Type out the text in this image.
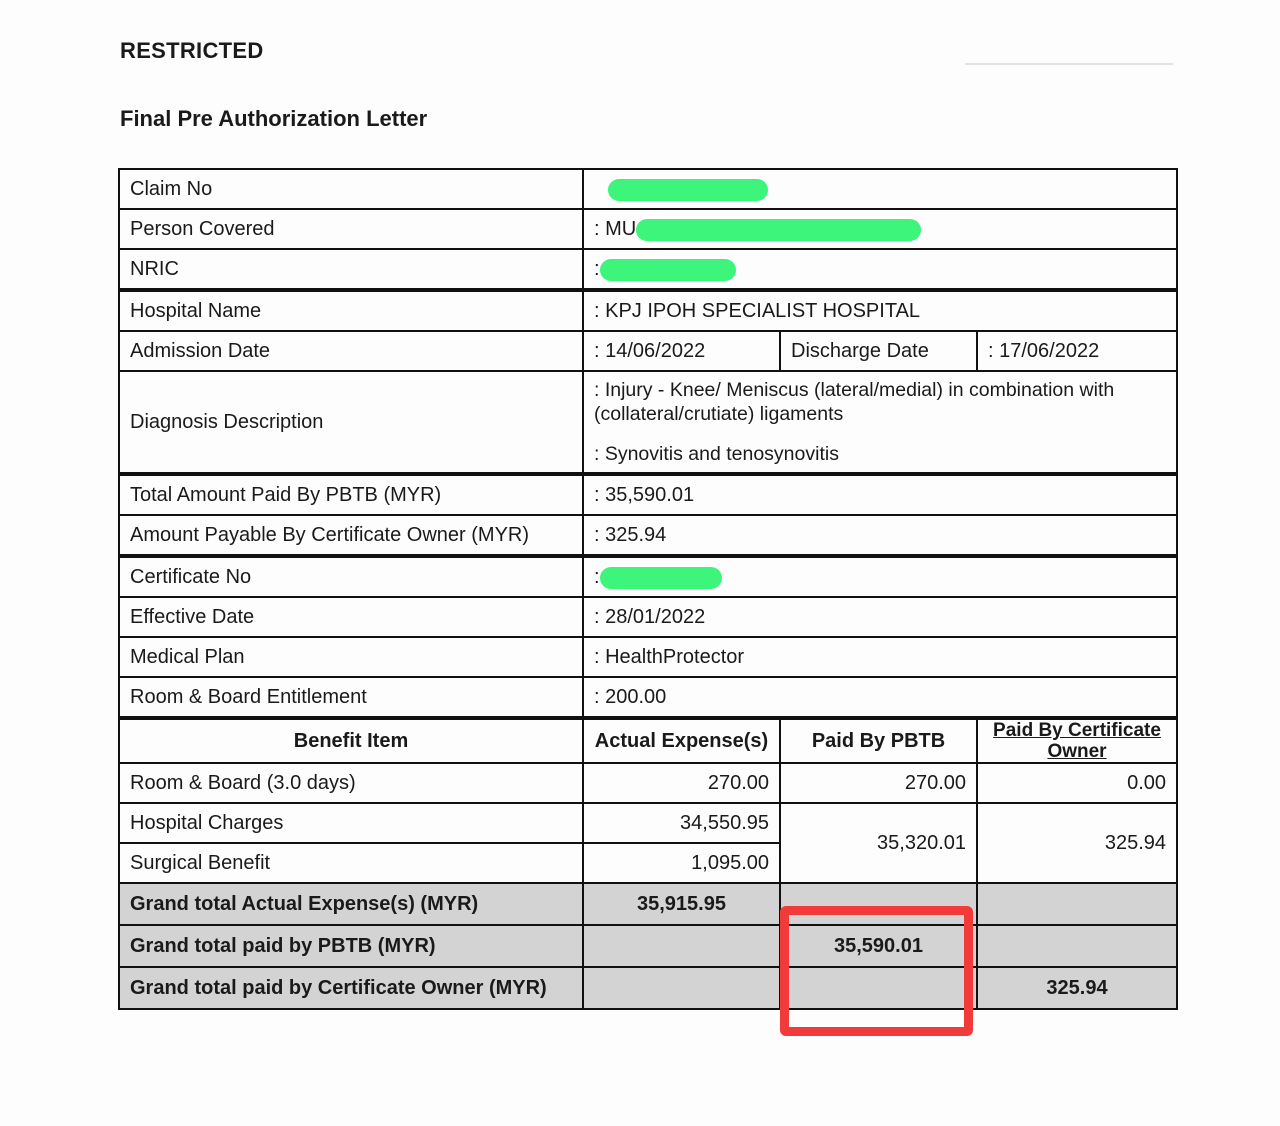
RESTRICTED
Final Pre Authorization Letter
Claim No			
Person Covered	: MU		
NRIC	:		
Hospital Name	: KPJ IPOH SPECIALIST HOSPITAL		
Admission Date	: 14/06/2022	Discharge Date	: 17/06/2022
Diagnosis Description	: Injury - Knee/ Meniscus (lateral/medial) in combination with (collateral/crutiate) ligaments
: Synovitis and tenosynovitis		

Total Amount Paid By PBTB (MYR)	: 35,590.01		
Amount Payable By Certificate Owner (MYR)	: 325.94		
Certificate No	:		
Effective Date	: 28/01/2022		
Medical Plan	: HealthProtector		
Room & Board Entitlement	: 200.00		
Benefit Item	Actual Expense(s)	Paid By PBTB	Paid By Certificate Owner
Room & Board (3.0 days)	270.00	270.00	0.00
Hospital Charges	34,550.95	35,320.01	325.94
Surgical Benefit	1,095.00		
Grand total Actual Expense(s) (MYR)	35,915.95		
Grand total paid by PBTB (MYR)		35,590.01	
Grand total paid by Certificate Owner (MYR)			325.94
